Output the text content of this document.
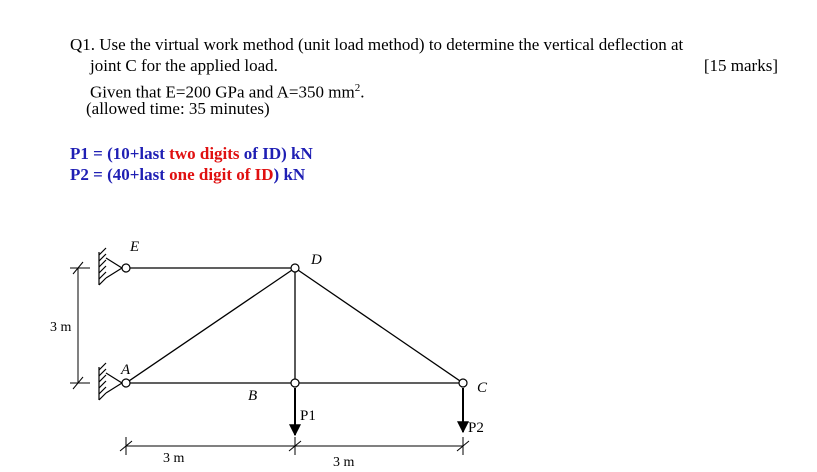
Q1. Use the virtual work method (unit load method) to determine the vertical deflection at
joint C for the applied load.	[15 marks]
Given that E=200 GPa and A=350 $mm^2$.
(allowed time: 35 minutes)
P1 = (10+last two digits of ID) kN
P2 = (40+last one digit of ID) kN
E
D
A
B	C
P1
P2
3 m
3 m	3 m
